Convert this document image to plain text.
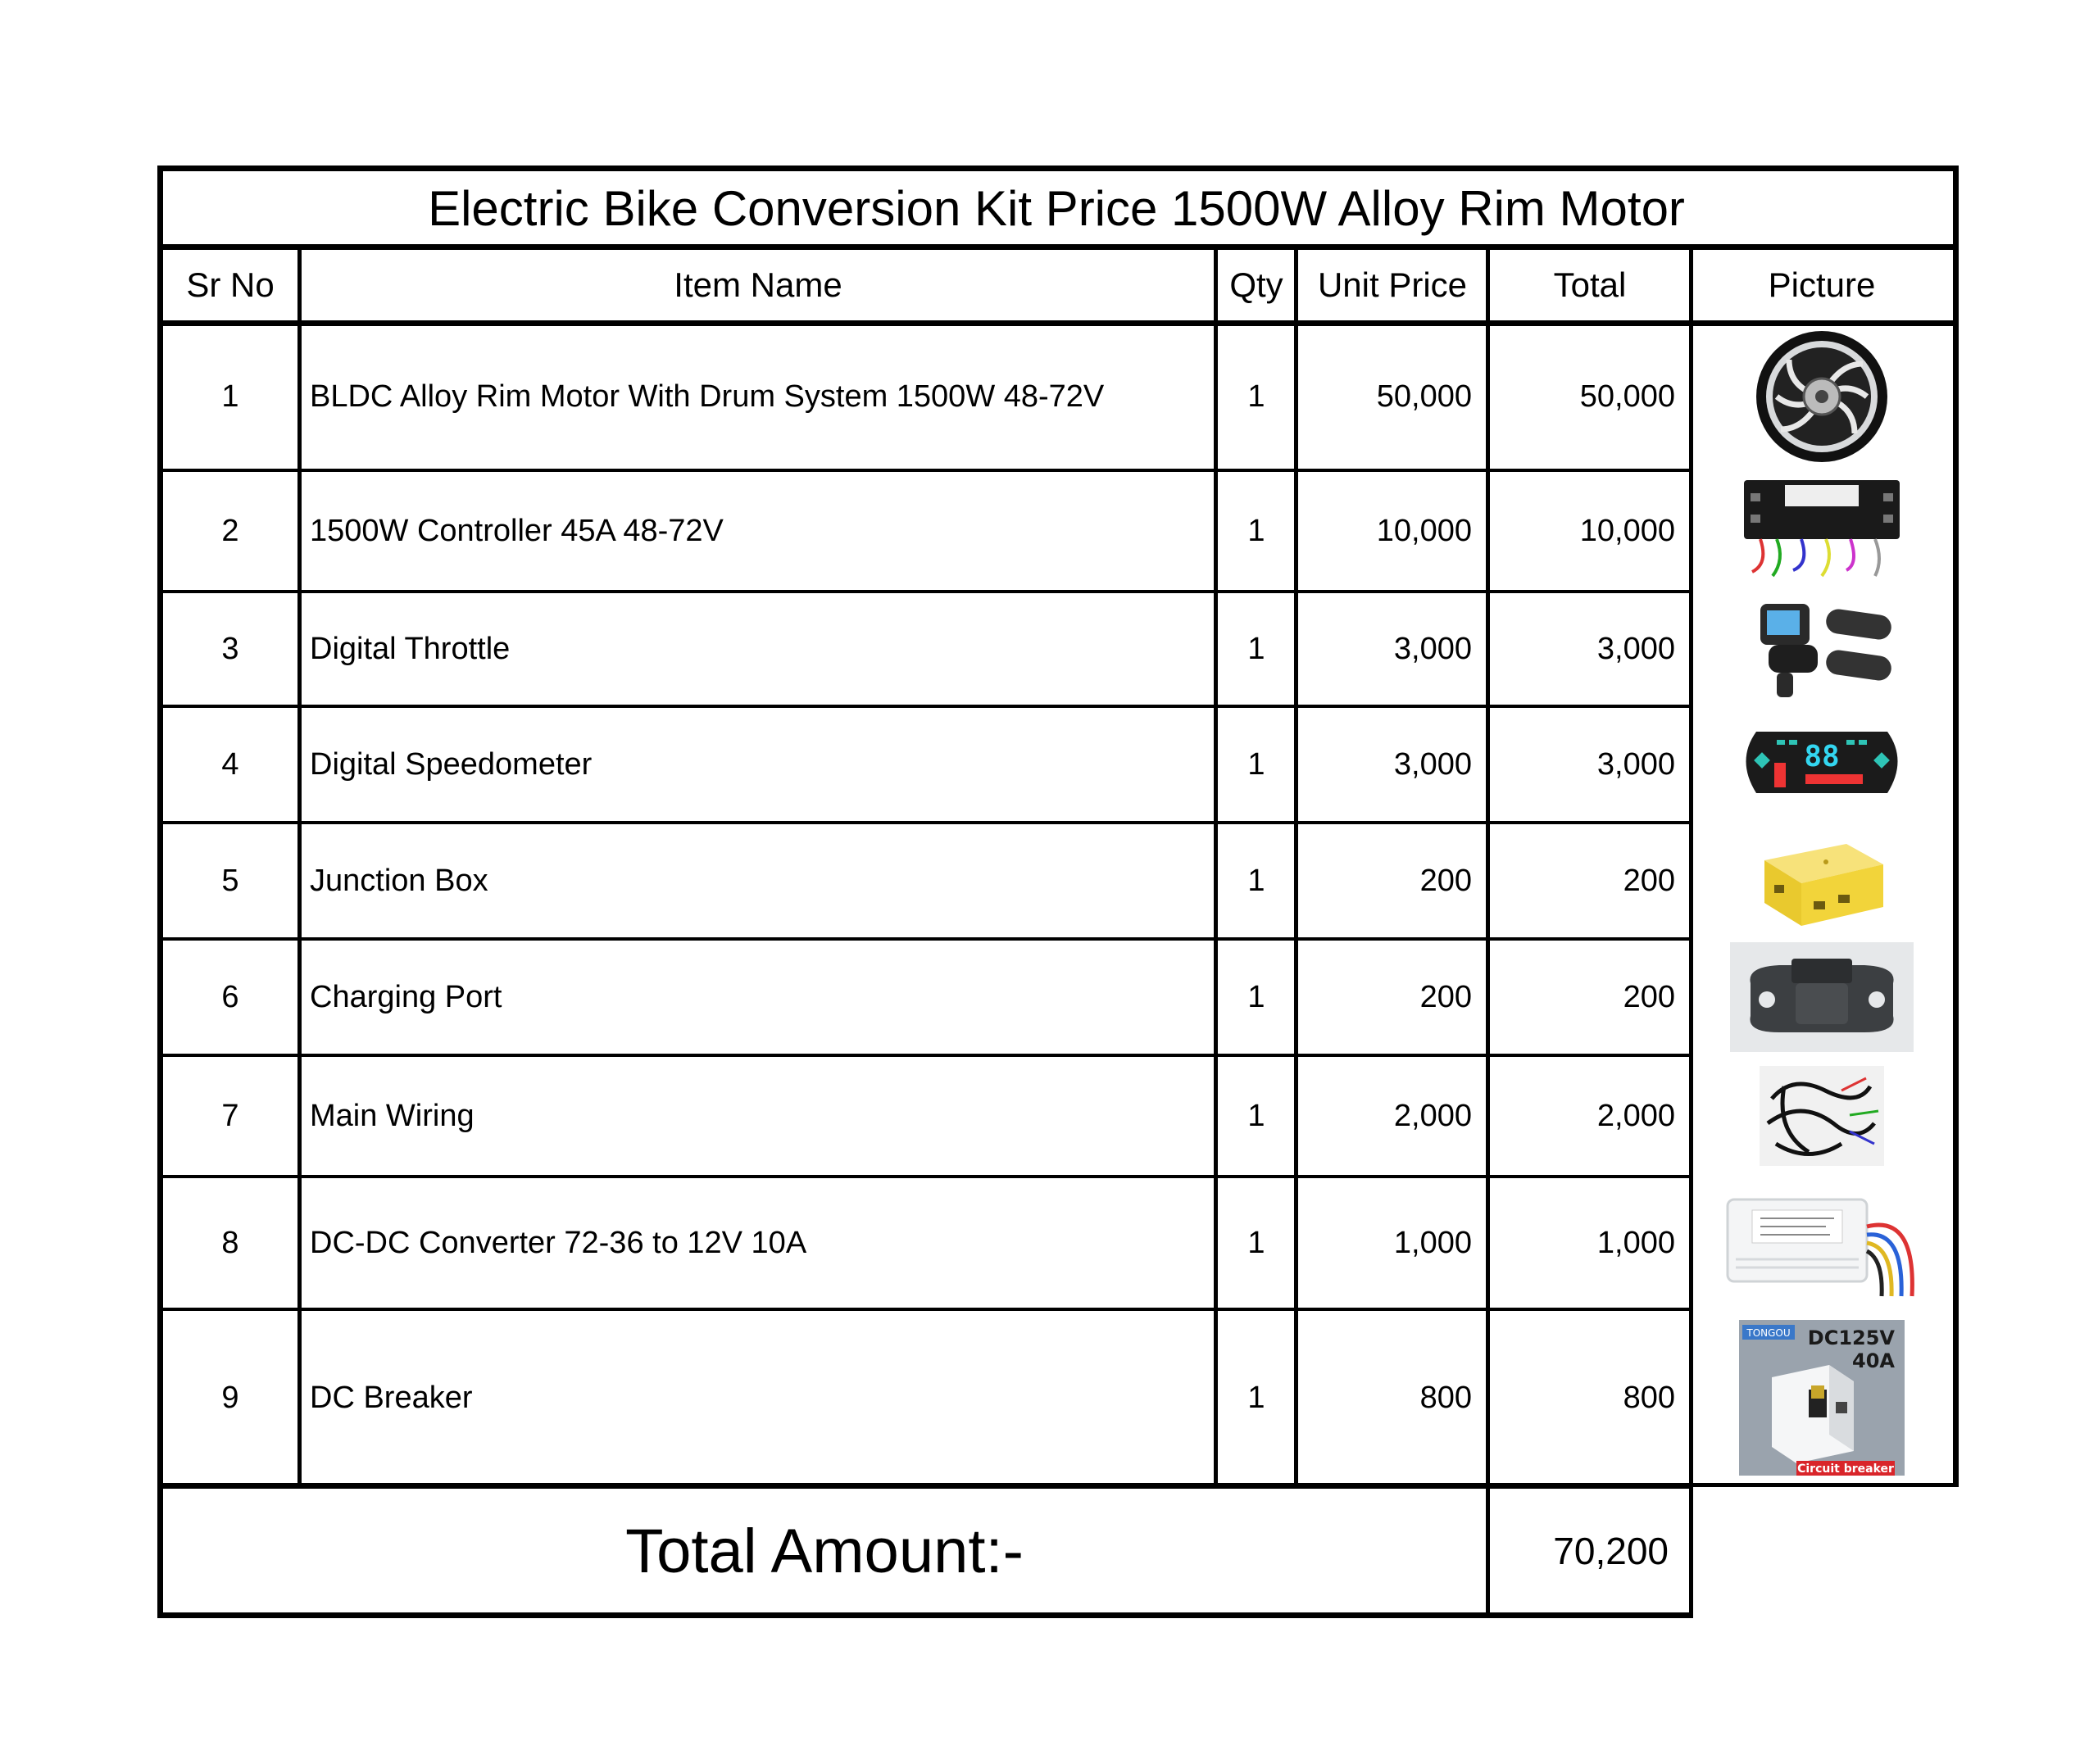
Electric Bike Conversion Kit Price 1500W Alloy Rim Motor
Sr No	Item Name	Qty	Unit Price	Total	Picture
1	BLDC Alloy Rim Motor With Drum System 1500W 48-72V	1	50,000	50,000
2	1500W Controller 45A 48-72V	1	10,000	10,000
3	Digital Throttle	1	3,000	3,000
4	Digital Speedometer	1	3,000	3,000	88
5	Junction Box	1	200	200
6	Charging Port	1	200	200
7	Main Wiring	1	2,000	2,000
8	DC-DC Converter 72-36 to 12V 10A	1	1,000	1,000
9	DC Breaker	1	800	800
TONGOU DC125V
40A
Circuit breaker
Total Amount:-	70,200
